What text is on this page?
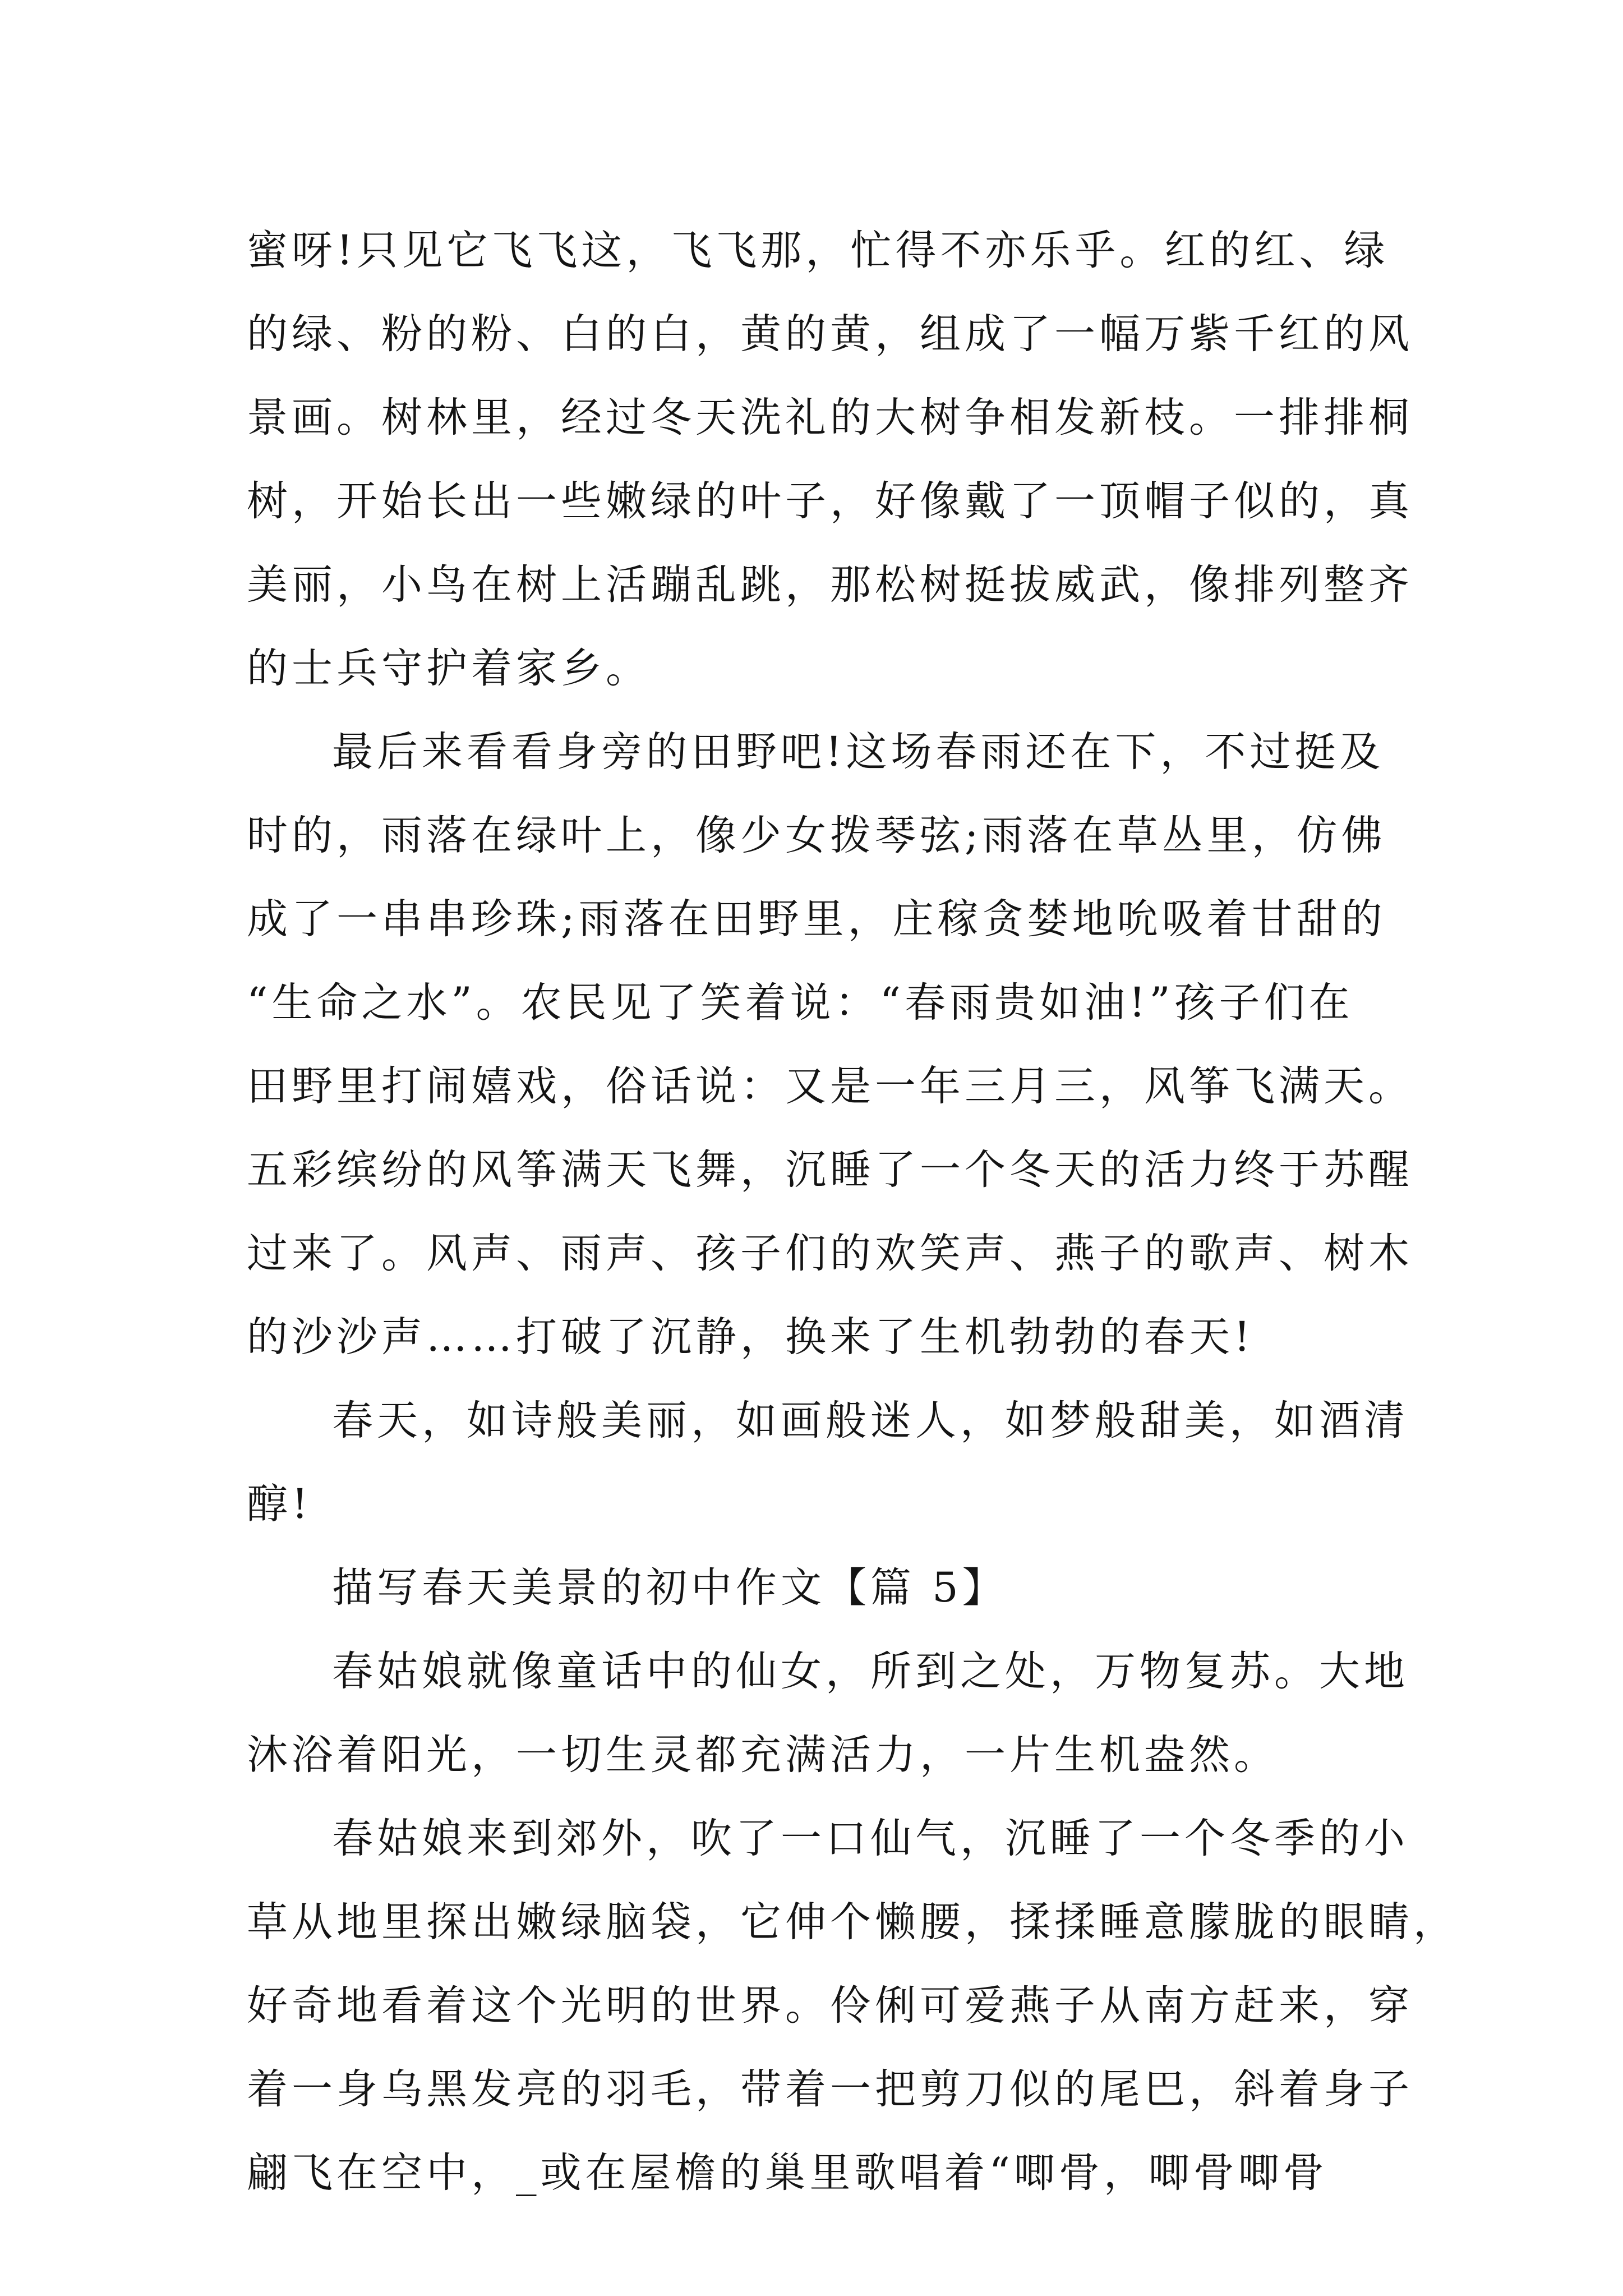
蜜呀!只见它飞飞这，飞飞那，忙得不亦乐乎。红的红、绿
的绿、粉的粉、白的白，黄的黄，组成了一幅万紫千红的风
景画。树林里，经过冬天洗礼的大树争相发新枝。一排排桐
树，开始长出一些嫩绿的叶子，好像戴了一顶帽子似的，真
美丽，小鸟在树上活蹦乱跳，那松树挺拔威武，像排列整齐
的士兵守护着家乡。

最后来看看身旁的田野吧!这场春雨还在下，不过挺及
时的，雨落在绿叶上，像少女拨琴弦;雨落在草丛里，仿佛
成了一串串珍珠;雨落在田野里，庄稼贪婪地吮吸着甘甜的
“生命之水”。农民见了笑着说：“春雨贵如油!”孩子们在
田野里打闹嬉戏，俗话说：又是一年三月三，风筝飞满天。
五彩缤纷的风筝满天飞舞，沉睡了一个冬天的活力终于苏醒
过来了。风声、雨声、孩子们的欢笑声、燕子的歌声、树木
的沙沙声……打破了沉静，换来了生机勃勃的春天!

春天，如诗般美丽，如画般迷人，如梦般甜美，如酒清
醇!

描写春天美景的初中作文【篇 5】

春姑娘就像童话中的仙女，所到之处，万物复苏。大地
沐浴着阳光，一切生灵都充满活力，一片生机盎然。

春姑娘来到郊外，吹了一口仙气，沉睡了一个冬季的小
草从地里探出嫩绿脑袋，它伸个懒腰，揉揉睡意朦胧的眼睛，
好奇地看着这个光明的世界。伶俐可爱燕子从南方赶来，穿
着一身乌黑发亮的羽毛，带着一把剪刀似的尾巴，斜着身子
翩飞在空中，_或在屋檐的巢里歌唱着“唧骨，唧骨唧骨
